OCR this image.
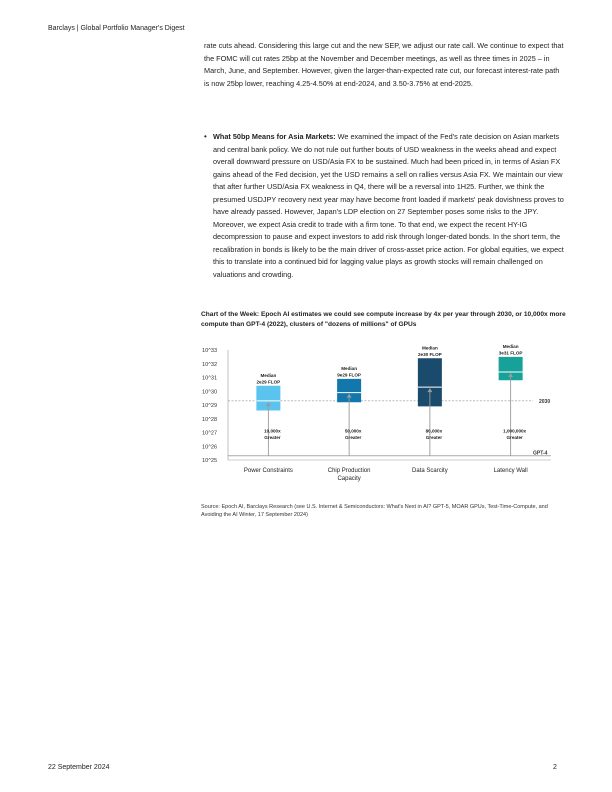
Barclays | Global Portfolio Manager's Digest
rate cuts ahead. Considering this large cut and the new SEP, we adjust our rate call. We continue to expect that the FOMC will cut rates 25bp at the November and December meetings, as well as three times in 2025 – in March, June, and September. However, given the larger-than-expected rate cut, our forecast interest-rate path is now 25bp lower, reaching 4.25-4.50% at end-2024, and 3.50-3.75% at end-2025.
• What 50bp Means for Asia Markets: We examined the impact of the Fed's rate decision on Asian markets and central bank policy. We do not rule out further bouts of USD weakness in the weeks ahead and expect overall downward pressure on USD/Asia FX to be sustained. Much had been priced in, in terms of Asian FX gains ahead of the Fed decision, yet the USD remains a sell on rallies versus Asia FX. We maintain our view that after further USD/Asia FX weakness in Q4, there will be a reversal into 1H25. Further, we think the presumed USDJPY recovery next year may have become front loaded if markets' peak dovishness proves to have already passed. However, Japan's LDP election on 27 September poses some risks to the JPY. Moreover, we expect Asia credit to trade with a firm tone. To that end, we expect the recent HY-IG decompression to pause and expect investors to add risk through longer-dated bonds. In the short term, the recalibration in bonds is likely to be the main driver of cross-asset price action. For global equities, we expect this to translate into a continued bid for lagging value plays as growth stocks will remain challenged on valuations and crowding.
Chart of the Week: Epoch AI estimates we could see compute increase by 4x per year through 2030, or 10,000x more compute than GPT-4 (2022), clusters of "dozens of millions" of GPUs
10^25
10^26
10^27
10^28
10^29
10^30
10^31
10^32
10^33
2030
GPT-4
Median
2e29 FLOP
10,000x
Greater
Power Constraints
Median
9e29 FLOP
50,000x
Greater
Chip Production
Capacity
Median
2e30 FLOP
80,000x
Greater
Data Scarcity
Median
3e31 FLOP
1,000,000x
Greater
Latency Wall
Source: Epoch AI, Barclays Research (see U.S. Internet & Semiconductors: What's Next in AI? GPT-5, MOAR GPUs, Test-Time-Compute, and Avoiding the AI Winter, 17 September 2024)
22 September 2024	2
